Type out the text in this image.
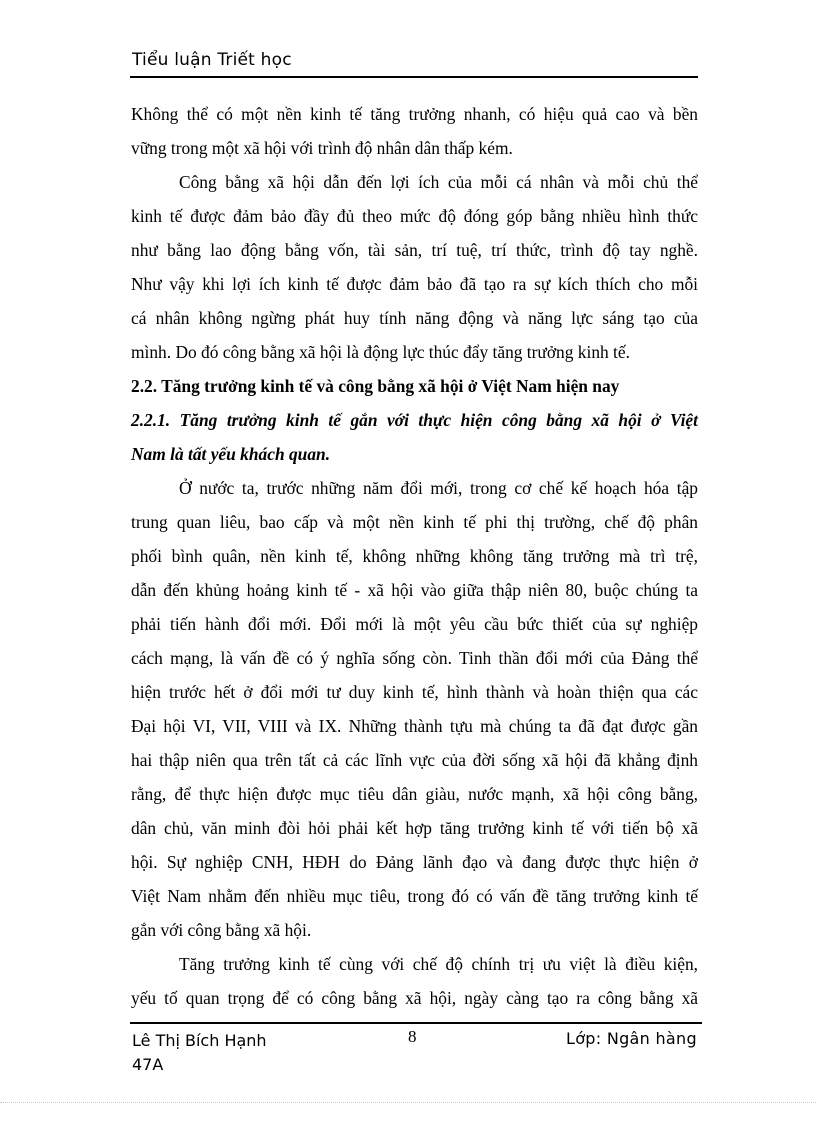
Tiểu luận Triết học
Không thể có một nền kinh tế tăng trưởng nhanh, có hiệu quả cao và bền
vững trong một xã hội với trình độ nhân dân thấp kém.
Công bằng xã hội dẫn đến lợi ích của mỗi cá nhân và mỗi chủ thể
kinh tế được đảm bảo đầy đủ theo mức độ đóng góp bằng nhiều hình thức
như bằng lao động bằng vốn, tài sản, trí tuệ, trí thức, trình độ tay nghề.
Như vậy khi lợi ích kinh tế được đảm bảo đã tạo ra sự kích thích cho mỗi
cá nhân không ngừng phát huy tính năng động và năng lực sáng tạo của
mình. Do đó công bằng xã hội là động lực thúc đẩy tăng trưởng kinh tế.
2.2. Tăng trưởng kinh tế và công bằng xã hội ở Việt Nam hiện nay
2.2.1. Tăng trưởng kinh tế gắn với thực hiện công bằng xã hội ở Việt
Nam là tất yếu khách quan.
Ở nước ta, trước những năm đổi mới, trong cơ chế kế hoạch hóa tập
trung quan liêu, bao cấp và một nền kinh tế phi thị trường, chế độ phân
phối bình quân, nền kinh tế, không những không tăng trưởng mà trì trệ,
dẫn đến khủng hoảng kinh tế - xã hội vào giữa thập niên 80, buộc chúng ta
phải tiến hành đổi mới. Đổi mới là một yêu cầu bức thiết của sự nghiệp
cách mạng, là vấn đề có ý nghĩa sống còn. Tinh thần đổi mới của Đảng thể
hiện trước hết ở đổi mới tư duy kinh tế, hình thành và hoàn thiện qua các
Đại hội VI, VII, VIII và IX. Những thành tựu mà chúng ta đã đạt được gần
hai thập niên qua trên tất cả các lĩnh vực của đời sống xã hội đã khẳng định
rằng, để thực hiện được mục tiêu dân giàu, nước mạnh, xã hội công bằng,
dân chủ, văn minh đòi hỏi phải kết hợp tăng trưởng kinh tế với tiến bộ xã
hội. Sự nghiệp CNH, HĐH do Đảng lãnh đạo và đang được thực hiện ở
Việt Nam nhằm đến nhiều mục tiêu, trong đó có vấn đề tăng trưởng kinh tế
gắn với công bằng xã hội.
Tăng trưởng kinh tế cùng với chế độ chính trị ưu việt là điều kiện,
yếu tố quan trọng để có công bằng xã hội, ngày càng tạo ra công bằng xã
Lê Thị Bích Hạnh
47A
8	Lớp: Ngân hàng
